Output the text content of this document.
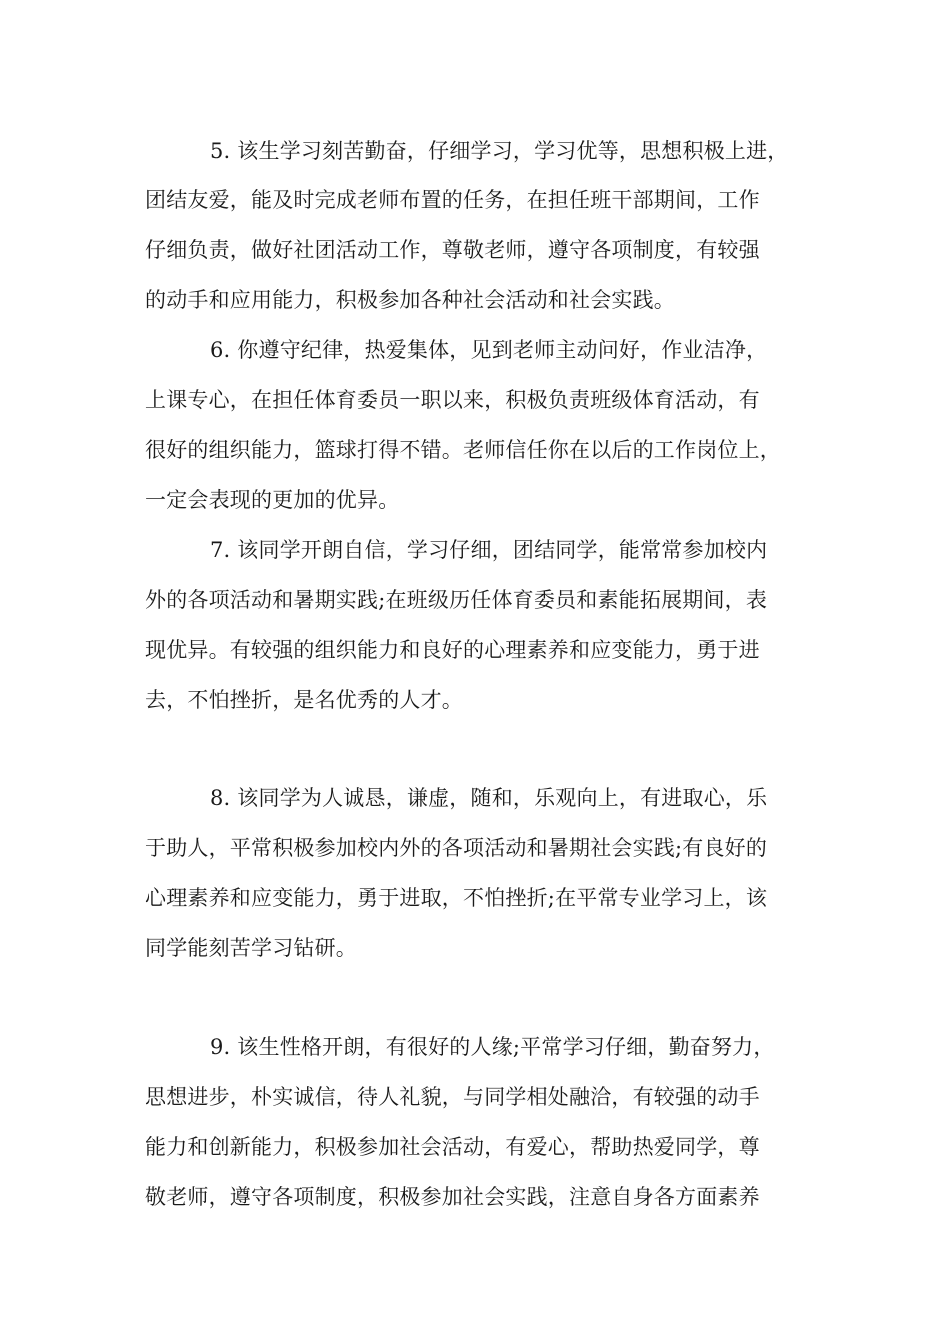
5. 该生学习刻苦勤奋，仔细学习，学习优等，思想积极上进，
团结友爱，能及时完成老师布置的任务，在担任班干部期间，工作
仔细负责，做好社团活动工作，尊敬老师，遵守各项制度，有较强
的动手和应用能力，积极参加各种社会活动和社会实践。
6. 你遵守纪律，热爱集体，见到老师主动问好，作业洁净，
上课专心，在担任体育委员一职以来，积极负责班级体育活动，有
很好的组织能力，篮球打得不错。老师信任你在以后的工作岗位上，
一定会表现的更加的优异。
7. 该同学开朗自信，学习仔细，团结同学，能常常参加校内
外的各项活动和暑期实践;在班级历任体育委员和素能拓展期间，表
现优异。有较强的组织能力和良好的心理素养和应变能力，勇于进
去，不怕挫折，是名优秀的人才。
8. 该同学为人诚恳，谦虚，随和，乐观向上，有进取心，乐
于助人，平常积极参加校内外的各项活动和暑期社会实践;有良好的
心理素养和应变能力，勇于进取，不怕挫折;在平常专业学习上，该
同学能刻苦学习钻研。
9. 该生性格开朗，有很好的人缘;平常学习仔细，勤奋努力，
思想进步，朴实诚信，待人礼貌，与同学相处融洽，有较强的动手
能力和创新能力，积极参加社会活动，有爱心，帮助热爱同学，尊
敬老师，遵守各项制度，积极参加社会实践，注意自身各方面素养
